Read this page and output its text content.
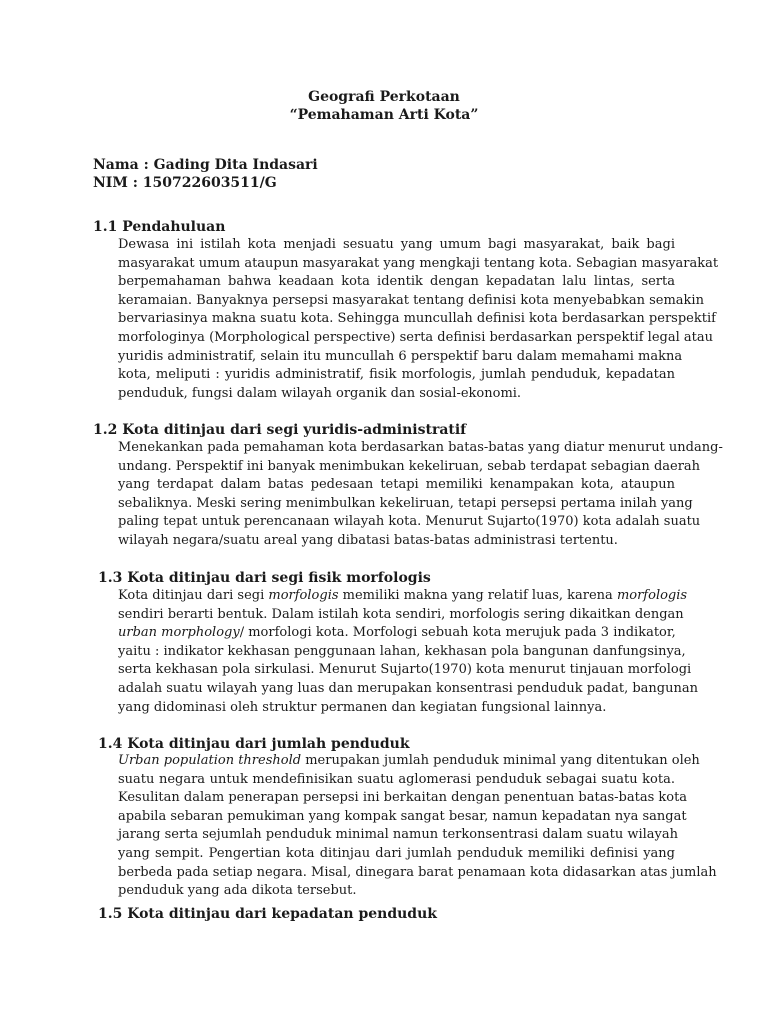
Geografi Perkotaan
“Pemahaman Arti Kota”
Nama : Gading Dita Indasari
NIM : 150722603511/G
1.1 Pendahuluan
Dewasa ini istilah kota menjadi sesuatu yang umum bagi masyarakat, baik bagi
masyarakat umum ataupun masyarakat yang mengkaji tentang kota. Sebagian masyarakat
berpemahaman bahwa keadaan kota identik dengan kepadatan lalu lintas, serta
keramaian. Banyaknya persepsi masyarakat tentang definisi kota menyebabkan semakin
bervariasinya makna suatu kota. Sehingga muncullah definisi kota berdasarkan perspektif
morfologinya (Morphological perspective) serta definisi berdasarkan perspektif legal atau
yuridis administratif, selain itu muncullah 6 perspektif baru dalam memahami makna
kota, meliputi : yuridis administratif, fisik morfologis, jumlah penduduk, kepadatan
penduduk, fungsi dalam wilayah organik dan sosial-ekonomi.
1.2 Kota ditinjau dari segi yuridis-administratif
Menekankan pada pemahaman kota berdasarkan batas-batas yang diatur menurut undang-
undang. Perspektif ini banyak menimbukan kekeliruan, sebab terdapat sebagian daerah
yang terdapat dalam batas pedesaan tetapi memiliki kenampakan kota, ataupun
sebaliknya. Meski sering menimbulkan kekeliruan, tetapi persepsi pertama inilah yang
paling tepat untuk perencanaan wilayah kota. Menurut Sujarto(1970) kota adalah suatu
wilayah negara/suatu areal yang dibatasi batas-batas administrasi tertentu.
1.3 Kota ditinjau dari segi fisik morfologis
Kota ditinjau dari segi morfologis memiliki makna yang relatif luas, karena morfologis
sendiri berarti bentuk. Dalam istilah kota sendiri, morfologis sering dikaitkan dengan
urban morphology/ morfologi kota. Morfologi sebuah kota merujuk pada 3 indikator,
yaitu : indikator kekhasan penggunaan lahan, kekhasan pola bangunan danfungsinya,
serta kekhasan pola sirkulasi. Menurut Sujarto(1970) kota menurut tinjauan morfologi
adalah suatu wilayah yang luas dan merupakan konsentrasi penduduk padat, bangunan
yang didominasi oleh struktur permanen dan kegiatan fungsional lainnya.
1.4 Kota ditinjau dari jumlah penduduk
Urban population threshold merupakan jumlah penduduk minimal yang ditentukan oleh
suatu negara untuk mendefinisikan suatu aglomerasi penduduk sebagai suatu kota.
Kesulitan dalam penerapan persepsi ini berkaitan dengan penentuan batas-batas kota
apabila sebaran pemukiman yang kompak sangat besar, namun kepadatan nya sangat
jarang serta sejumlah penduduk minimal namun terkonsentrasi dalam suatu wilayah
yang sempit. Pengertian kota ditinjau dari jumlah penduduk memiliki definisi yang
berbeda pada setiap negara. Misal, dinegara barat penamaan kota didasarkan atas jumlah
penduduk yang ada dikota tersebut.
1.5 Kota ditinjau dari kepadatan penduduk
